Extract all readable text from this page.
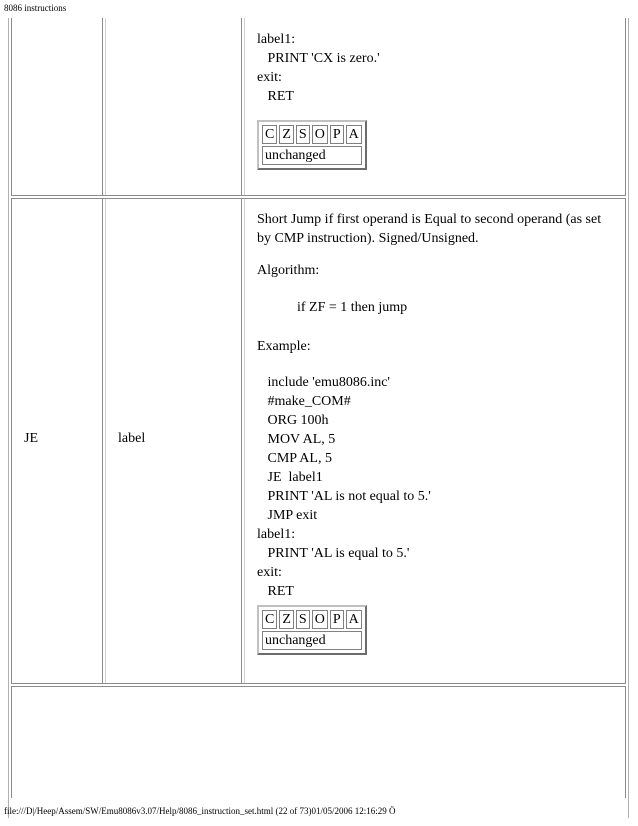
8086 instructions
label1:
PRINT 'CX is zero.'
exit:
RET
C	Z	S	O	P	A
unchanged
JE	label
Short Jump if first operand is Equal to second operand (as set by CMP instruction). Signed/Unsigned.
Algorithm:
if ZF = 1 then jump
Example:
include 'emu8086.inc'
#make_COM#
ORG 100h
MOV AL, 5
CMP AL, 5
JE  label1
PRINT 'AL is not equal to 5.'
JMP exit
label1:
PRINT 'AL is equal to 5.'
exit:
RET
C	Z	S	O	P	A
unchanged
file:///D|/Heep/Assem/SW/Emu8086v3.07/Help/8086_instruction_set.html (22 of 73)01/05/2006 12:16:29 Ö
